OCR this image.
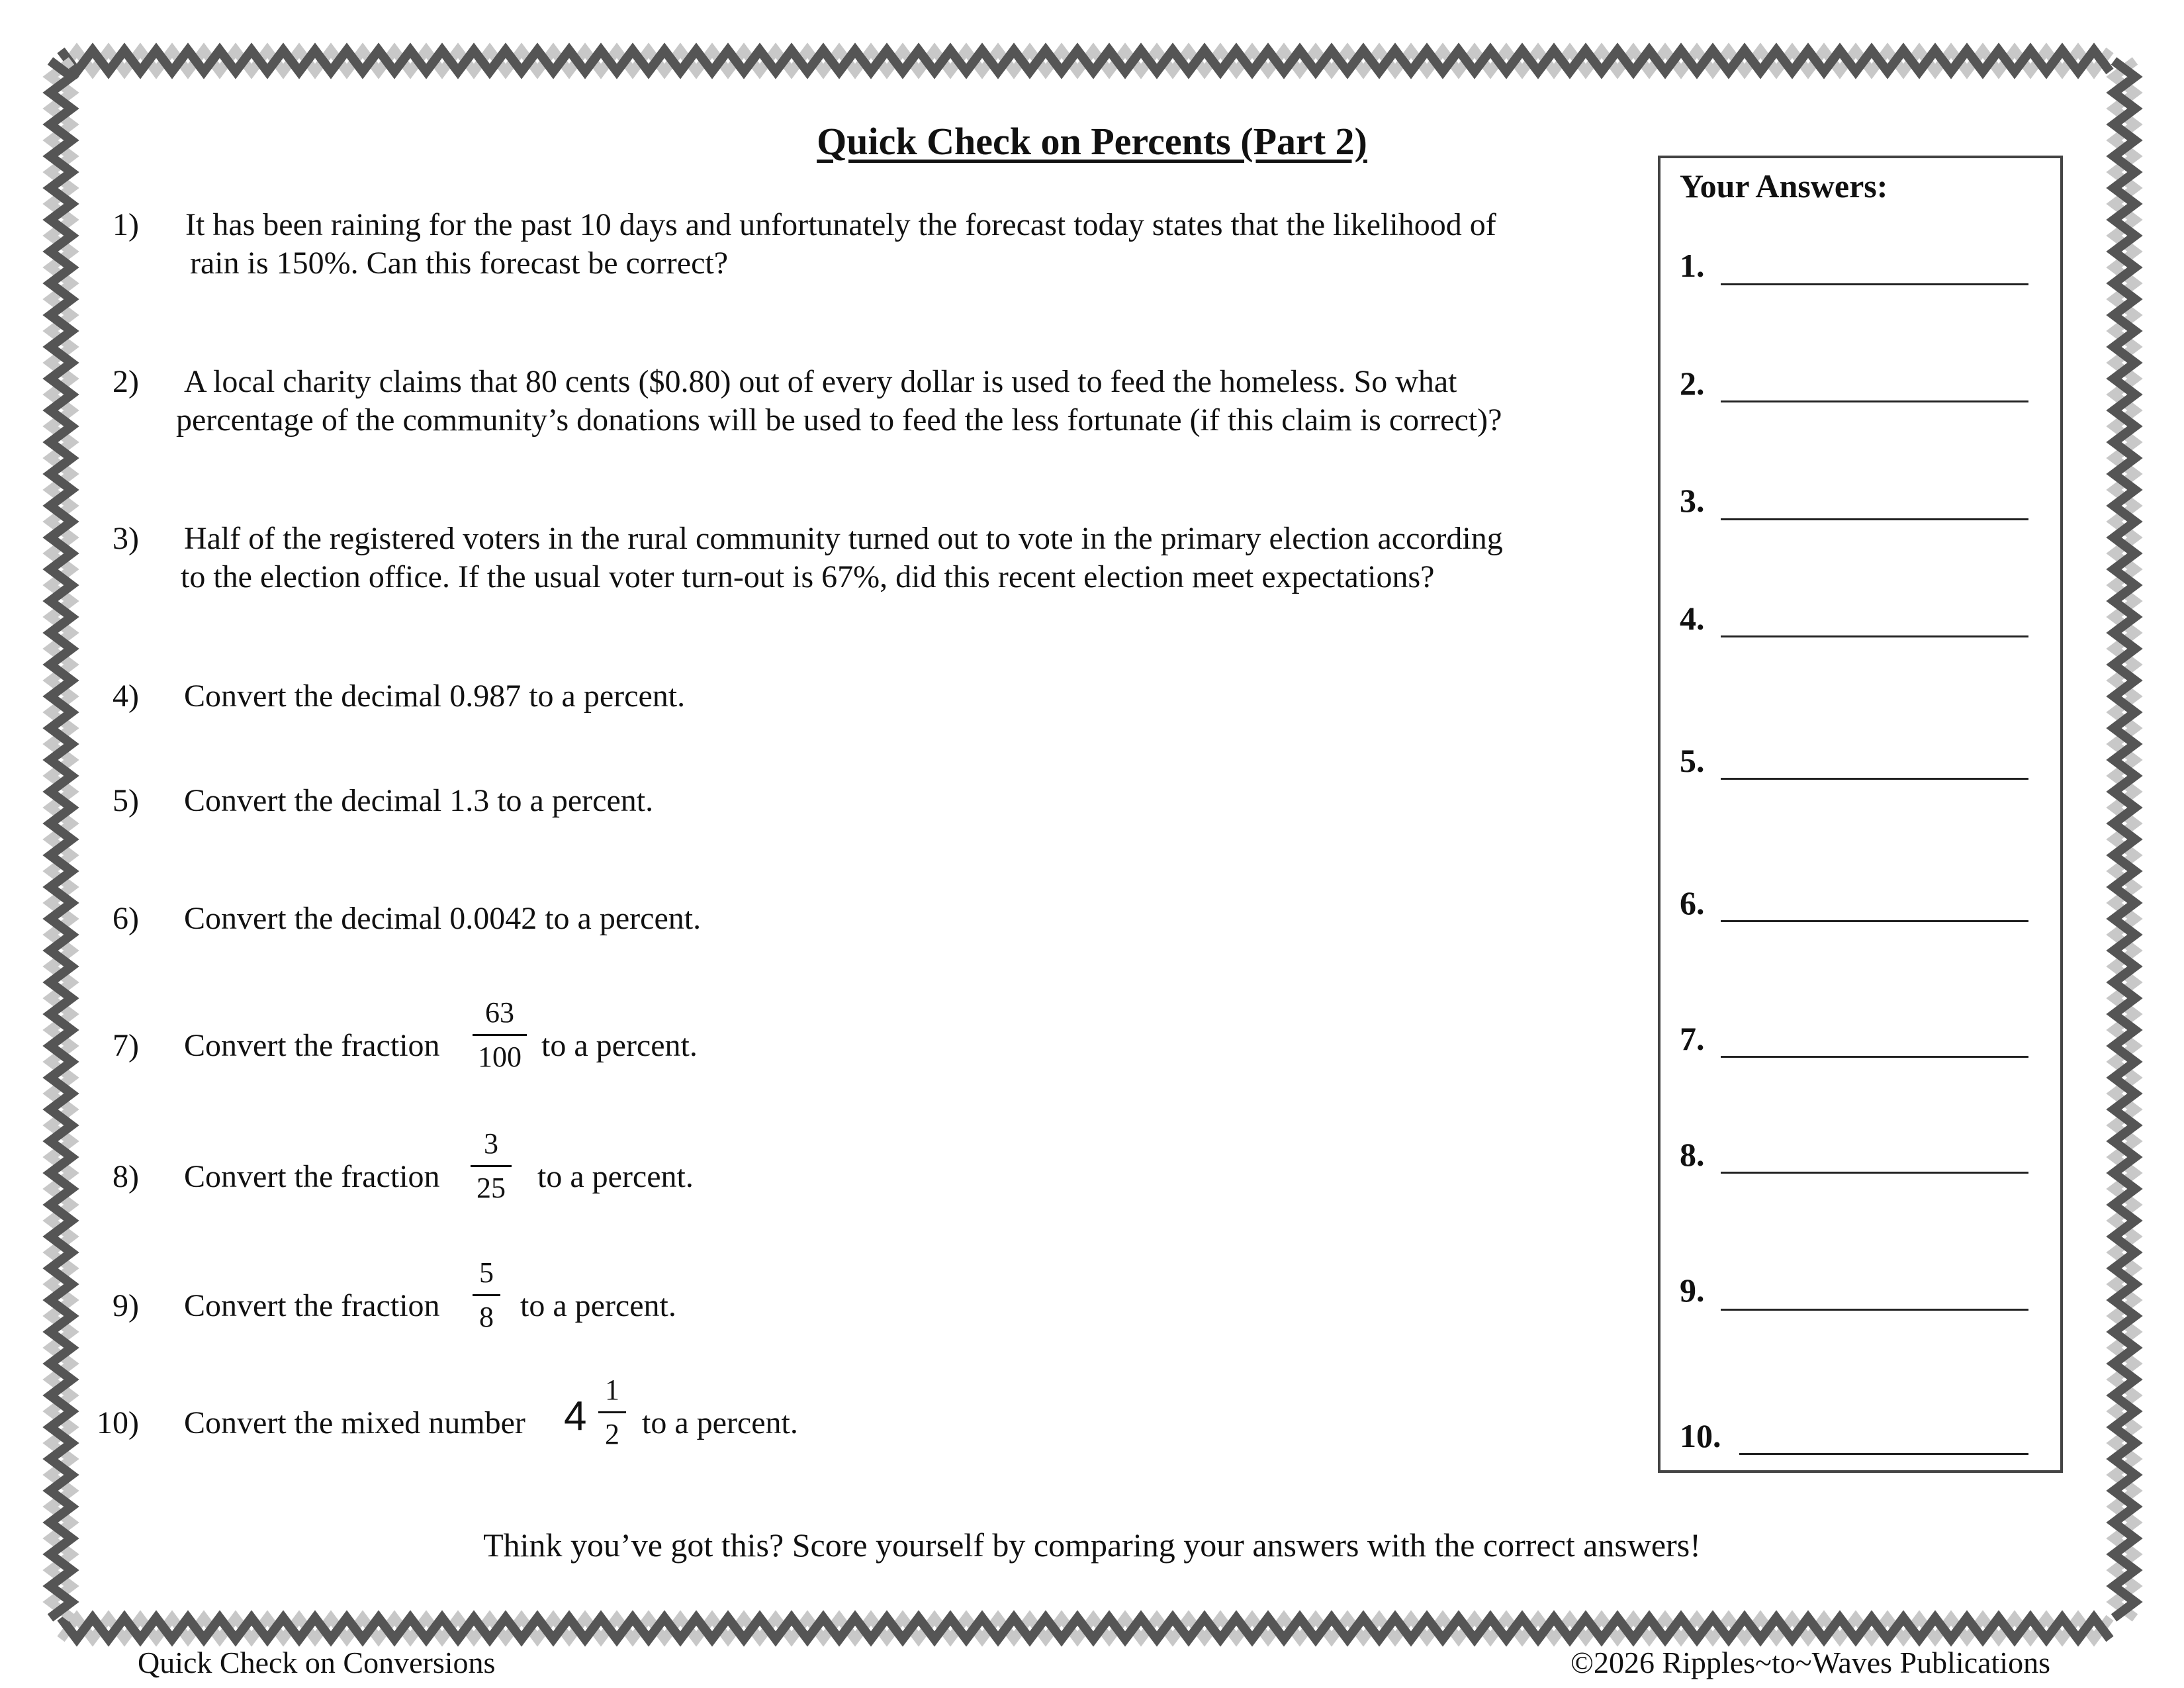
Quick Check on Percents (Part 2)
1) It has been raining for the past 10 days and unfortunately the forecast today states that the likelihood of
rain is 150%. Can this forecast be correct?
2) A local charity claims that 80 cents ($0.80) out of every dollar is used to feed the homeless. So what
percentage of the community’s donations will be used to feed the less fortunate (if this claim is correct)?
3) Half of the registered voters in the rural community turned out to vote in the primary election according
to the election office. If the usual voter turn-out is 67%, did this recent election meet expectations?
4) Convert the decimal 0.987 to a percent.
5) Convert the decimal 1.3 to a percent.
6) Convert the decimal 0.0042 to a percent.
7) Convert the fraction
63
100 to a percent.
8) Convert the fraction
3
25 to a percent.
9) Convert the fraction
5
8 to a percent.
10) Convert the mixed number 4
1
2 to a percent.
Your Answers:
1.
2.
3.
4.
5.
6.
7.
8.
9.
10.
Think you’ve got this? Score yourself by comparing your answers with the correct answers!
Quick Check on Conversions	©2026 Ripples~to~Waves Publications
